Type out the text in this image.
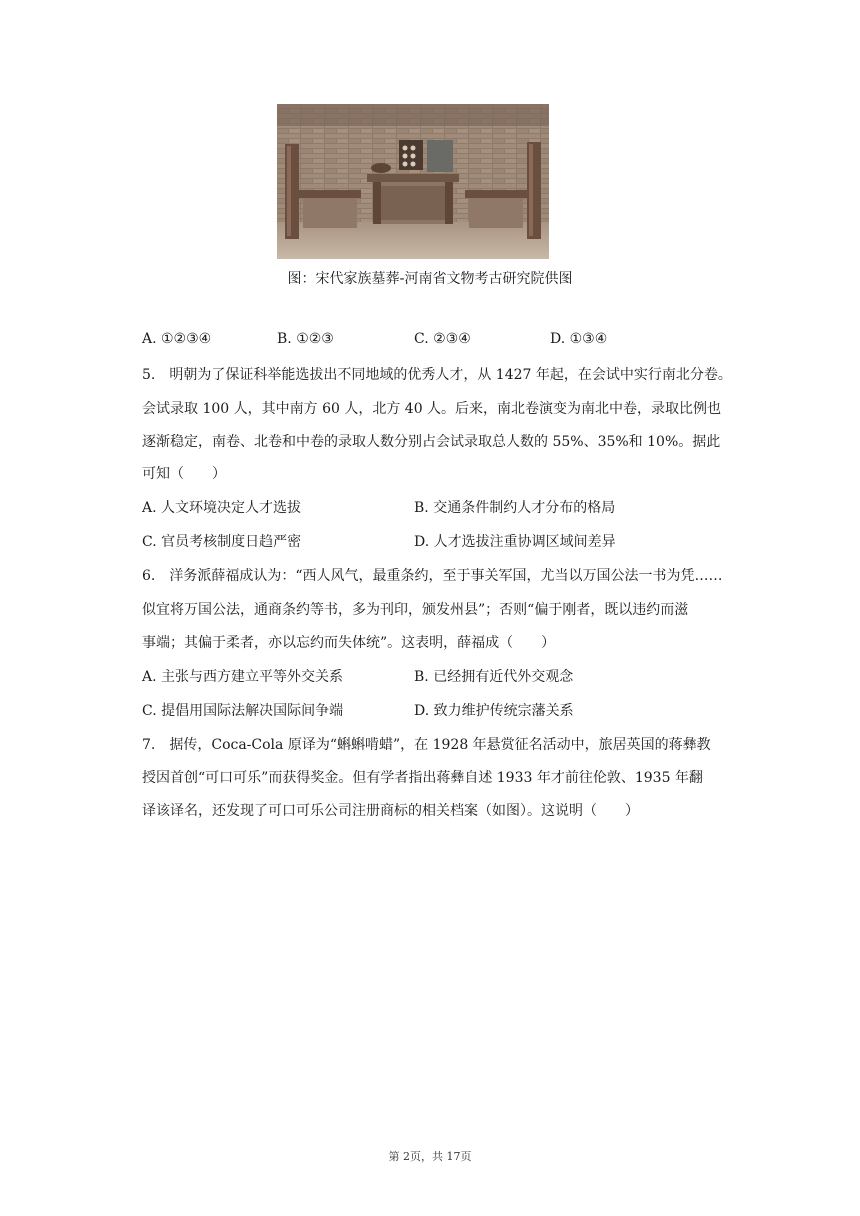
图：宋代家族墓葬-河南省文物考古研究院供图
A. ①②③④	B. ①②③	C. ②③④	D. ①③④
5.　明朝为了保证科举能选拔出不同地域的优秀人才，从 1427 年起，在会试中实行南北分卷。
会试录取 100 人，其中南方 60 人，北方 40 人。后来，南北卷演变为南北中卷，录取比例也
逐渐稳定，南卷、北卷和中卷的录取人数分别占会试录取总人数的 55%、35%和 10%。据此
可知（　　）
A. 人文环境决定人才选拔	B. 交通条件制约人才分布的格局
C. 官员考核制度日趋严密	D. 人才选拔注重协调区域间差异
6.　洋务派薛福成认为：“西人风气，最重条约，至于事关军国，尤当以万国公法一书为凭……
似宜将万国公法，通商条约等书，多为刊印，颁发州县”；否则“偏于刚者，既以违约而滋
事端；其偏于柔者，亦以忘约而失体统”。这表明，薛福成（　　）
A. 主张与西方建立平等外交关系	B. 已经拥有近代外交观念
C. 提倡用国际法解决国际间争端	D. 致力维护传统宗藩关系
7.　据传，Coca-Cola 原译为“蝌蝌啃蜡”，在 1928 年悬赏征名活动中，旅居英国的蒋彝教
授因首创“可口可乐”而获得奖金。但有学者指出蒋彝自述 1933 年才前往伦敦、1935 年翻
译该译名，还发现了可口可乐公司注册商标的相关档案（如图）。这说明（　　）
第 2页，共 17页
